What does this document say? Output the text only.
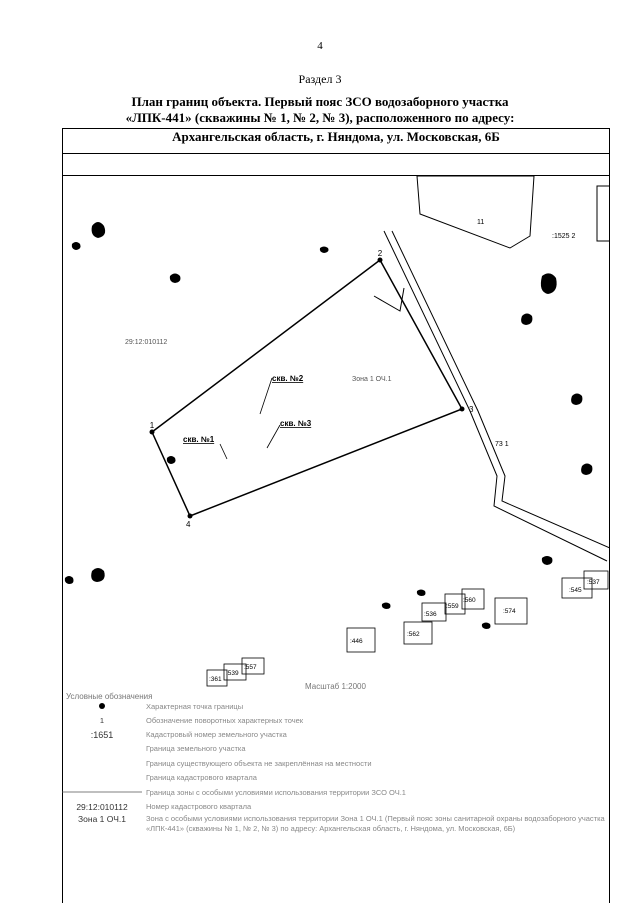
4
Раздел 3
План границ объекта. Первый пояс ЗСО водозаборного участка
«ЛПК-441» (скважины № 1, № 2, № 3), расположенного по адресу:
Архангельская область, г. Няндома, ул. Московская, 6Б
1
2
3
4
скв. №2
скв. №3
скв. №1
Зона 1 ОЧ.1
29:12:010112
11
:1525 2
73 1
:545
:537
:574
:560
:559
:536
:562
:446
:557
:539
:361
Масштаб 1:2000
Условные обозначения
Характерная точка границы
1	Обозначение поворотных характерных точек
:1651	Кадастровый номер земельного участка
Граница земельного участка
Граница существующего объекта не закреплённая на местности
Граница кадастрового квартала
Граница зоны с особыми условиями использования территории ЗСО ОЧ.1
29:12:010112	Номер кадастрового квартала
Зона 1 ОЧ.1	Зона с особыми условиями использования территории Зона 1 ОЧ.1 (Первый пояс зоны санитарной охраны водозаборного участка «ЛПК-441» (скважины № 1, № 2, № 3) по адресу: Архангельская область, г. Няндома, ул. Московская, 6Б)
